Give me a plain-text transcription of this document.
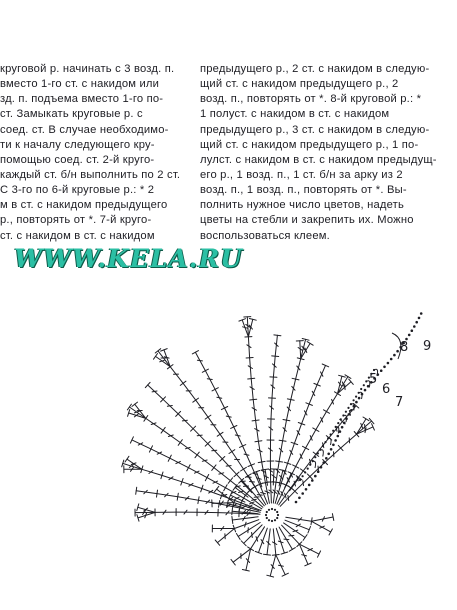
круговой р. начинать с 3 возд. п.
вместо 1-го ст. с накидом или
зд. п. подъема вместо 1-го по-
ст. Замыкать круговые р. с
соед. ст. В случае необходимо-
ти к началу следующего кру-
помощью соед. ст. 2-й круго-
каждый ст. б/н выполнить по 2 ст.
С 3-го по 6-й круговые р.: * 2
м в ст. с накидом предыдущего
р., повторять от *. 7-й круго-
ст. с накидом в ст. с накидом
предыдущего р., 2 ст. с накидом в следую-
щий ст. с накидом предыдущего р., 2
возд. п., повторять от *. 8-й круговой р.: *
1 полуст. с накидом в ст. с накидом
предыдущего р., 3 ст. с накидом в следую-
щий ст. с накидом предыдущего р., 1 по-
лулст. с накидом в ст. с накидом предыдущ-
его р., 1 возд. п., 1 ст. б/н за арку из 2
возд. п., 1 возд. п., повторять от *. Вы-
полнить нужное число цветов, надеть
цветы на стебли и закрепить их. Можно
воспользоваться клеем.
WWW.KELA.RU
9
8
5
6
7
